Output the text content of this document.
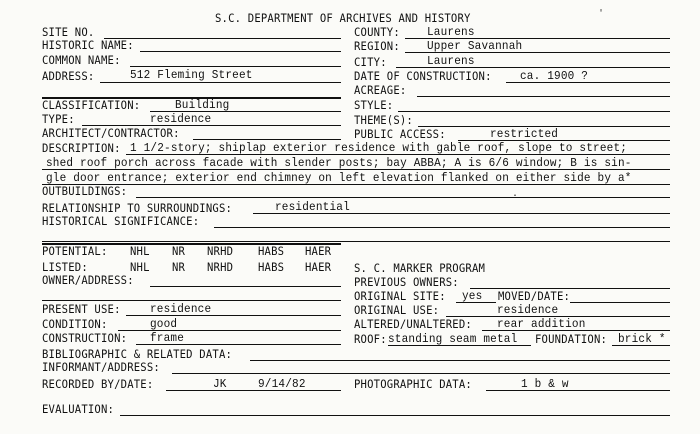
S.C. DEPARTMENT OF ARCHIVES AND HISTORY	'
SITE NO.
HISTORIC NAME:
COMMON NAME:
ADDRESS:	512 Fleming Street
COUNTY: Laurens
REGION: Upper Savannah
CITY:	Laurens
DATE OF CONSTRUCTION: ca. 1900 ?
ACREAGE:
CLASSIFICATION:	Building	STYLE:
TYPE:	residence	THEME(S):
ARCHITECT/CONTRACTOR:	PUBLIC ACCESS:	restricted
DESCRIPTION: 1 1/2-story; shiplap exterior residence with gable roof, slope to street;
shed roof porch across facade with slender posts; bay ABBA; A is 6/6 window; B is sin-
gle door entrance; exterior end chimney on left elevation flanked on either side by a*
OUTBUILDINGS:	.
RELATIONSHIP TO SURROUNDINGS:	residential
HISTORICAL SIGNIFICANCE:
POTENTIAL: NHL NR NRHD HABS HAER
LISTED:	NHL NR NRHD HABS HAER S. C. MARKER PROGRAM
OWNER/ADDRESS:	PREVIOUS OWNERS:
ORIGINAL SITE: yes MOVED/DATE:
PRESENT USE: residence	ORIGINAL USE:	residence
CONDITION:	good	ALTERED/UNALTERED: rear addition
CONSTRUCTION: frame	ROOF: standing seam metal FOUNDATION: brick *
BIBLIOGRAPHIC & RELATED DATA:
INFORMANT/ADDRESS:
RECORDED BY/DATE:	JK	9/14/82	PHOTOGRAPHIC DATA:	1 b & w
EVALUATION:
